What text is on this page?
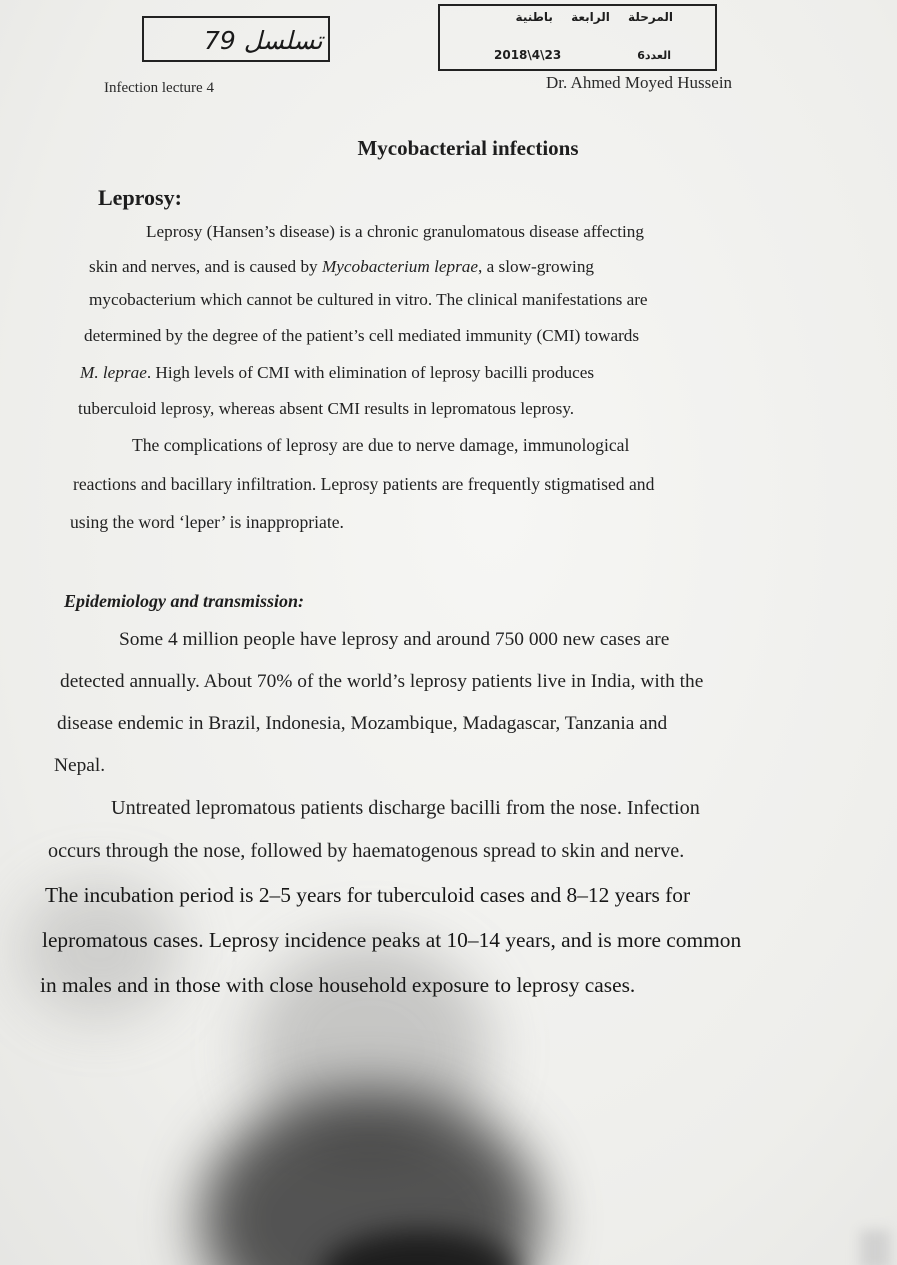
تسلسل 79
المرحلة الرابعة باطنية
2018\4\23	العدد6
Infection lecture 4	Dr. Ahmed Moyed Hussein
Mycobacterial infections
Leprosy:
Leprosy (Hansen’s disease) is a chronic granulomatous disease affecting
skin and nerves, and is caused by Mycobacterium leprae, a slow-growing
mycobacterium which cannot be cultured in vitro. The clinical manifestations are
determined by the degree of the patient’s cell mediated immunity (CMI) towards
M. leprae. High levels of CMI with elimination of leprosy bacilli produces
tuberculoid leprosy, whereas absent CMI results in lepromatous leprosy.
The complications of leprosy are due to nerve damage, immunological
reactions and bacillary infiltration. Leprosy patients are frequently stigmatised and
using the word ‘leper’ is inappropriate.
Epidemiology and transmission:
Some 4 million people have leprosy and around 750 000 new cases are
detected annually. About 70% of the world’s leprosy patients live in India, with the
disease endemic in Brazil, Indonesia, Mozambique, Madagascar, Tanzania and
Nepal.
Untreated lepromatous patients discharge bacilli from the nose. Infection
occurs through the nose, followed by haematogenous spread to skin and nerve.
The incubation period is 2–5 years for tuberculoid cases and 8–12 years for
lepromatous cases. Leprosy incidence peaks at 10–14 years, and is more common
in males and in those with close household exposure to leprosy cases.
